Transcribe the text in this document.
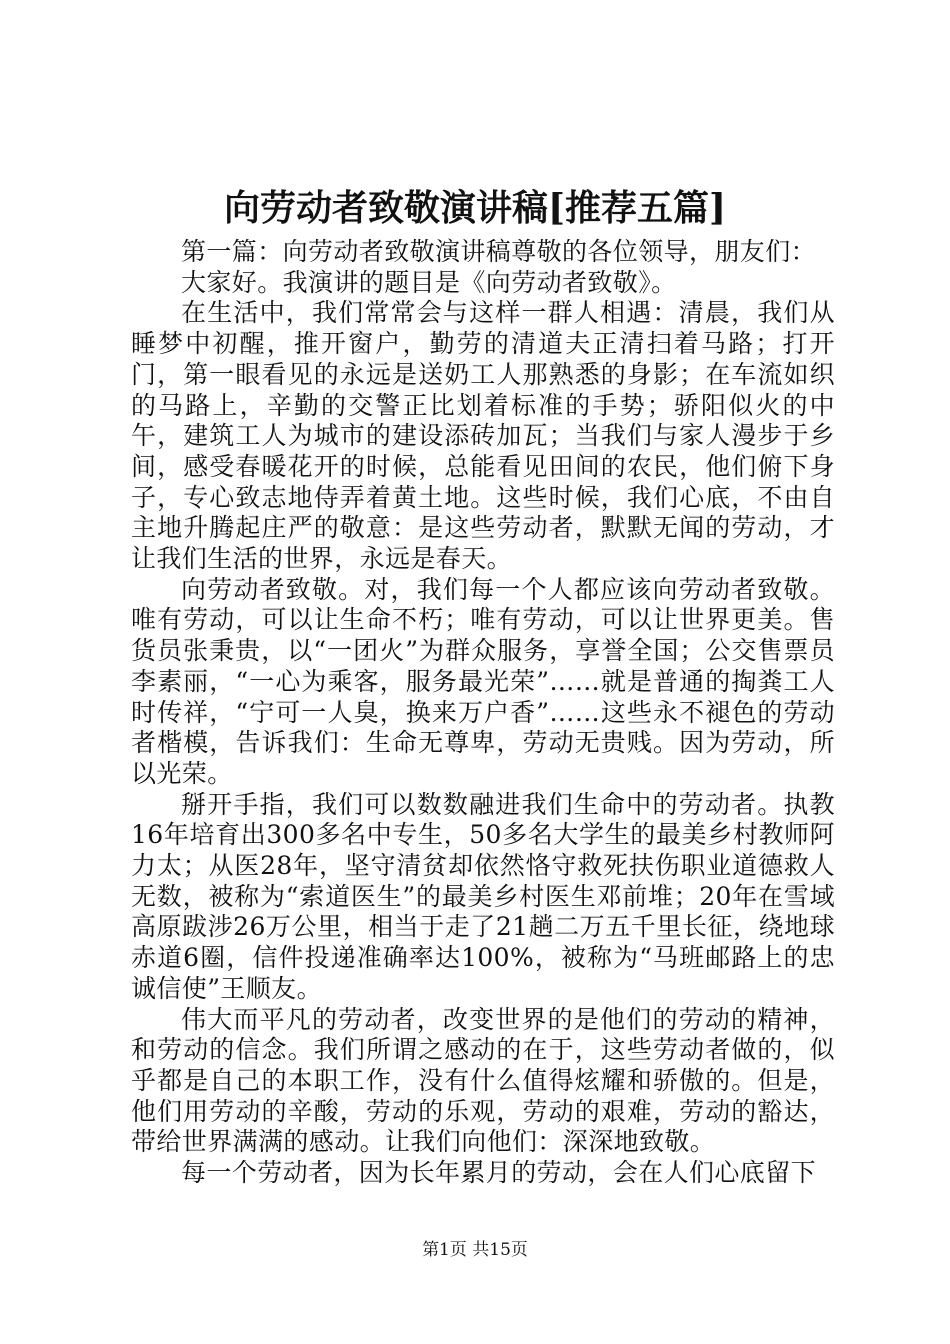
向劳动者致敬演讲稿[推荐五篇]

第一篇：向劳动者致敬演讲稿尊敬的各位领导，朋友们：

大家好。我演讲的题目是《向劳动者致敬》。

在生活中，我们常常会与这样一群人相遇：清晨，我们从睡梦中初醒，推开窗户，勤劳的清道夫正清扫着马路；打开门，第一眼看见的永远是送奶工人那熟悉的身影；在车流如织的马路上，辛勤的交警正比划着标准的手势；骄阳似火的中午，建筑工人为城市的建设添砖加瓦；当我们与家人漫步于乡间，感受春暖花开的时候，总能看见田间的农民，他们俯下身子，专心致志地侍弄着黄土地。这些时候，我们心底，不由自主地升腾起庄严的敬意：是这些劳动者，默默无闻的劳动，才让我们生活的世界，永远是春天。

向劳动者致敬。对，我们每一个人都应该向劳动者致敬。唯有劳动，可以让生命不朽；唯有劳动，可以让世界更美。售货员张秉贵，以“一团火”为群众服务，享誉全国；公交售票员李素丽，“一心为乘客，服务最光荣”……就是普通的掏粪工人时传祥，“宁可一人臭，换来万户香”……这些永不褪色的劳动者楷模，告诉我们：生命无尊卑，劳动无贵贱。因为劳动，所以光荣。

掰开手指，我们可以数数融进我们生命中的劳动者。执教16年培育出300多名中专生，50多名大学生的最美乡村教师阿力太；从医28年，坚守清贫却依然恪守救死扶伤职业道德救人无数，被称为“索道医生”的最美乡村医生邓前堆；20年在雪域高原跋涉26万公里，相当于走了21趟二万五千里长征，绕地球赤道6圈，信件投递准确率达100%，被称为“马班邮路上的忠诚信使”王顺友。

伟大而平凡的劳动者，改变世界的是他们的劳动的精神，和劳动的信念。我们所谓之感动的在于，这些劳动者做的，似乎都是自己的本职工作，没有什么值得炫耀和骄傲的。但是，他们用劳动的辛酸，劳动的乐观，劳动的艰难，劳动的豁达，带给世界满满的感动。让我们向他们：深深地致敬。

每一个劳动者，因为长年累月的劳动，会在人们心底留下

第1页 共15页
